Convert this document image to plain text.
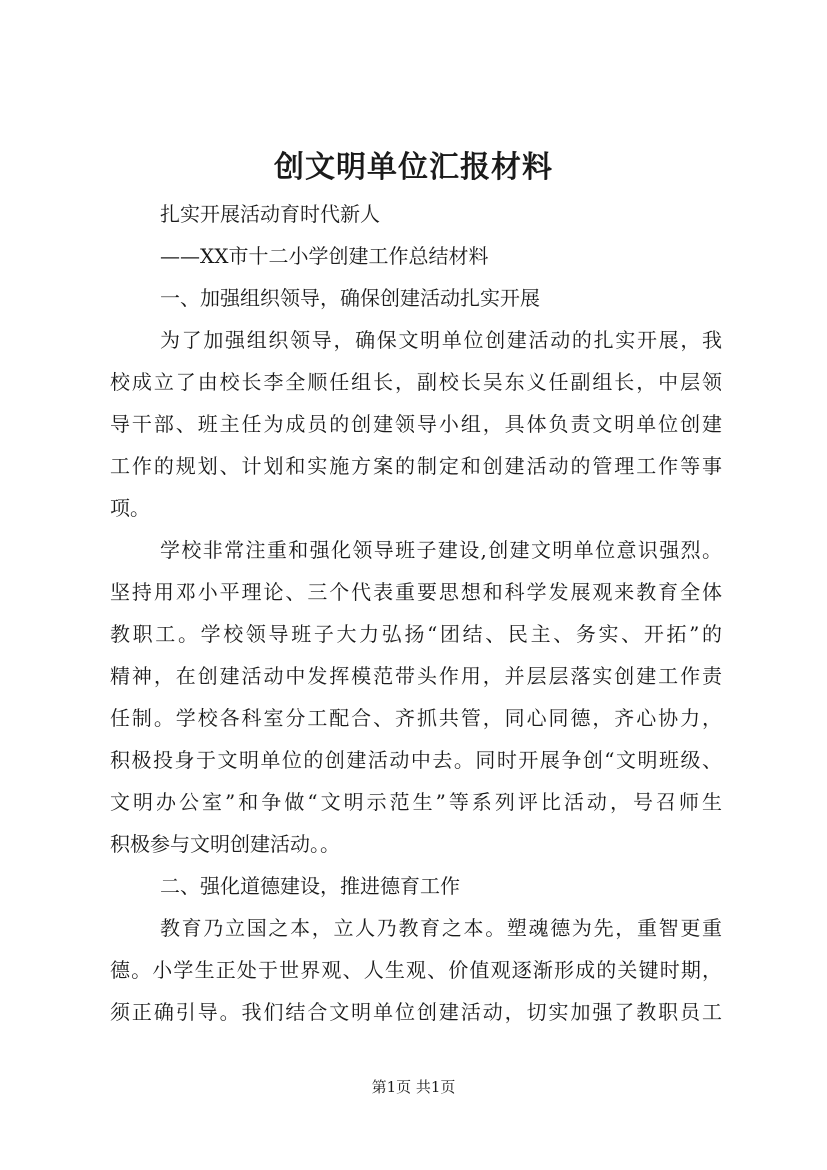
创文明单位汇报材料
扎实开展活动育时代新人
——XX市十二小学创建工作总结材料
一、加强组织领导，确保创建活动扎实开展
为了加强组织领导，确保文明单位创建活动的扎实开展，我
校成立了由校长李全顺任组长，副校长吴东义任副组长，中层领
导干部、班主任为成员的创建领导小组，具体负责文明单位创建
工作的规划、计划和实施方案的制定和创建活动的管理工作等事
项。
学校非常注重和强化领导班子建设,创建文明单位意识强烈。
坚持用邓小平理论、三个代表重要思想和科学发展观来教育全体
教职工。学校领导班子大力弘扬“团结、民主、务实、开拓”的
精神，在创建活动中发挥模范带头作用，并层层落实创建工作责
任制。学校各科室分工配合、齐抓共管，同心同德，齐心协力，
积极投身于文明单位的创建活动中去。同时开展争创“文明班级、
文明办公室”和争做“文明示范生”等系列评比活动，号召师生
积极参与文明创建活动。。
二、强化道德建设，推进德育工作
教育乃立国之本，立人乃教育之本。塑魂德为先，重智更重
德。小学生正处于世界观、人生观、价值观逐渐形成的关键时期，
须正确引导。我们结合文明单位创建活动，切实加强了教职员工
第1页 共1页
